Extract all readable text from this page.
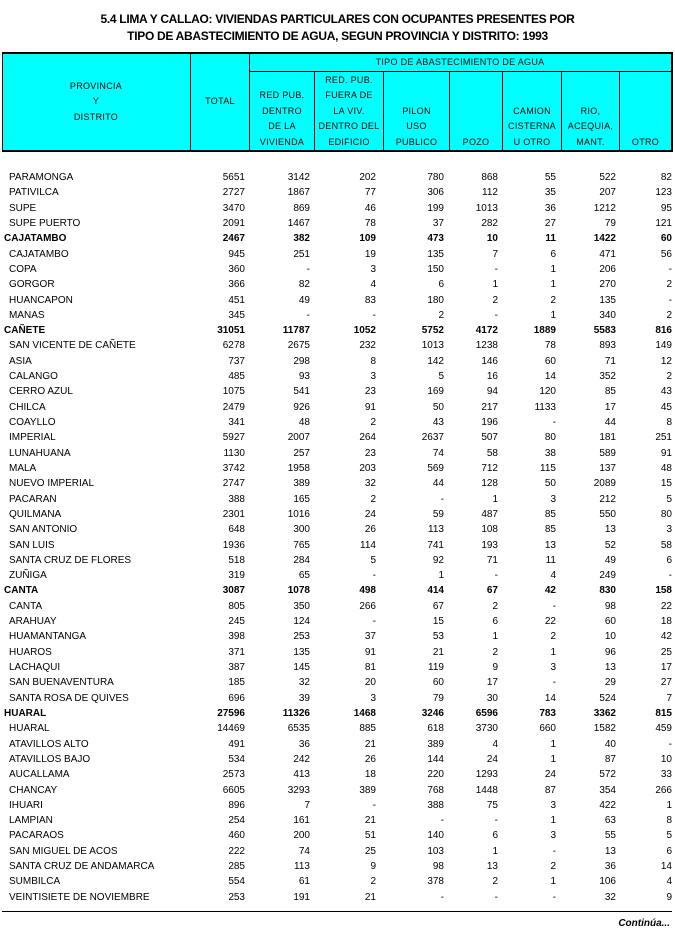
5.4 LIMA Y CALLAO: VIVIENDAS PARTICULARES CON OCUPANTES PRESENTES POR
TIPO DE ABASTECIMIENTO DE AGUA, SEGUN PROVINCIA Y DISTRITO: 1993
PROVINCIA
Y
DISTRITO
TOTAL
TIPO DE ABASTECIMIENTO DE AGUA
RED PUB.
DENTRO
DE LA
VIVIENDA
RED. PUB.
FUERA DE
LA VIV.
DENTRO DEL
EDIFICIO
PILON
USO
PUBLICO	POZO
CAMION
CISTERNA
U OTRO
RIO,
ACEQUIA,
MANT.	OTRO
PARAMONGA	5651	3142	202	780	868	55	522	82
PATIVILCA	2727	1867	77	306	112	35	207	123
SUPE	3470	869	46	199	1013	36	1212	95
SUPE PUERTO	2091	1467	78	37	282	27	79	121
CAJATAMBO	2467	382	109	473	10	11	1422	60
CAJATAMBO	945	251	19	135	7	6	471	56
COPA	360	-	3	150	-	1	206	-
GORGOR	366	82	4	6	1	1	270	2
HUANCAPON	451	49	83	180	2	2	135	-
MANAS	345	-	-	2	-	1	340	2
CAÑETE	31051	11787	1052	5752	4172	1889	5583	816
SAN VICENTE DE CAÑETE	6278	2675	232	1013	1238	78	893	149
ASIA	737	298	8	142	146	60	71	12
CALANGO	485	93	3	5	16	14	352	2
CERRO AZUL	1075	541	23	169	94	120	85	43
CHILCA	2479	926	91	50	217	1133	17	45
COAYLLO	341	48	2	43	196	-	44	8
IMPERIAL	5927	2007	264	2637	507	80	181	251
LUNAHUANA	1130	257	23	74	58	38	589	91
MALA	3742	1958	203	569	712	115	137	48
NUEVO IMPERIAL	2747	389	32	44	128	50	2089	15
PACARAN	388	165	2	-	1	3	212	5
QUILMANA	2301	1016	24	59	487	85	550	80
SAN ANTONIO	648	300	26	113	108	85	13	3
SAN LUIS	1936	765	114	741	193	13	52	58
SANTA CRUZ DE FLORES	518	284	5	92	71	11	49	6
ZUÑIGA	319	65	-	1	-	4	249	-
CANTA	3087	1078	498	414	67	42	830	158
CANTA	805	350	266	67	2	-	98	22
ARAHUAY	245	124	-	15	6	22	60	18
HUAMANTANGA	398	253	37	53	1	2	10	42
HUAROS	371	135	91	21	2	1	96	25
LACHAQUI	387	145	81	119	9	3	13	17
SAN BUENAVENTURA	185	32	20	60	17	-	29	27
SANTA ROSA DE QUIVES	696	39	3	79	30	14	524	7
HUARAL	27596	11326	1468	3246	6596	783	3362	815
HUARAL	14469	6535	885	618	3730	660	1582	459
ATAVILLOS ALTO	491	36	21	389	4	1	40	-
ATAVILLOS BAJO	534	242	26	144	24	1	87	10
AUCALLAMA	2573	413	18	220	1293	24	572	33
CHANCAY	6605	3293	389	768	1448	87	354	266
IHUARI	896	7	-	388	75	3	422	1
LAMPIAN	254	161	21	-	-	1	63	8
PACARAOS	460	200	51	140	6	3	55	5
SAN MIGUEL DE ACOS	222	74	25	103	1	-	13	6
SANTA CRUZ DE ANDAMARCA	285	113	9	98	13	2	36	14
SUMBILCA	554	61	2	378	2	1	106	4
VEINTISIETE DE NOVIEMBRE	253	191	21	-	-	-	32	9
Continúa...
